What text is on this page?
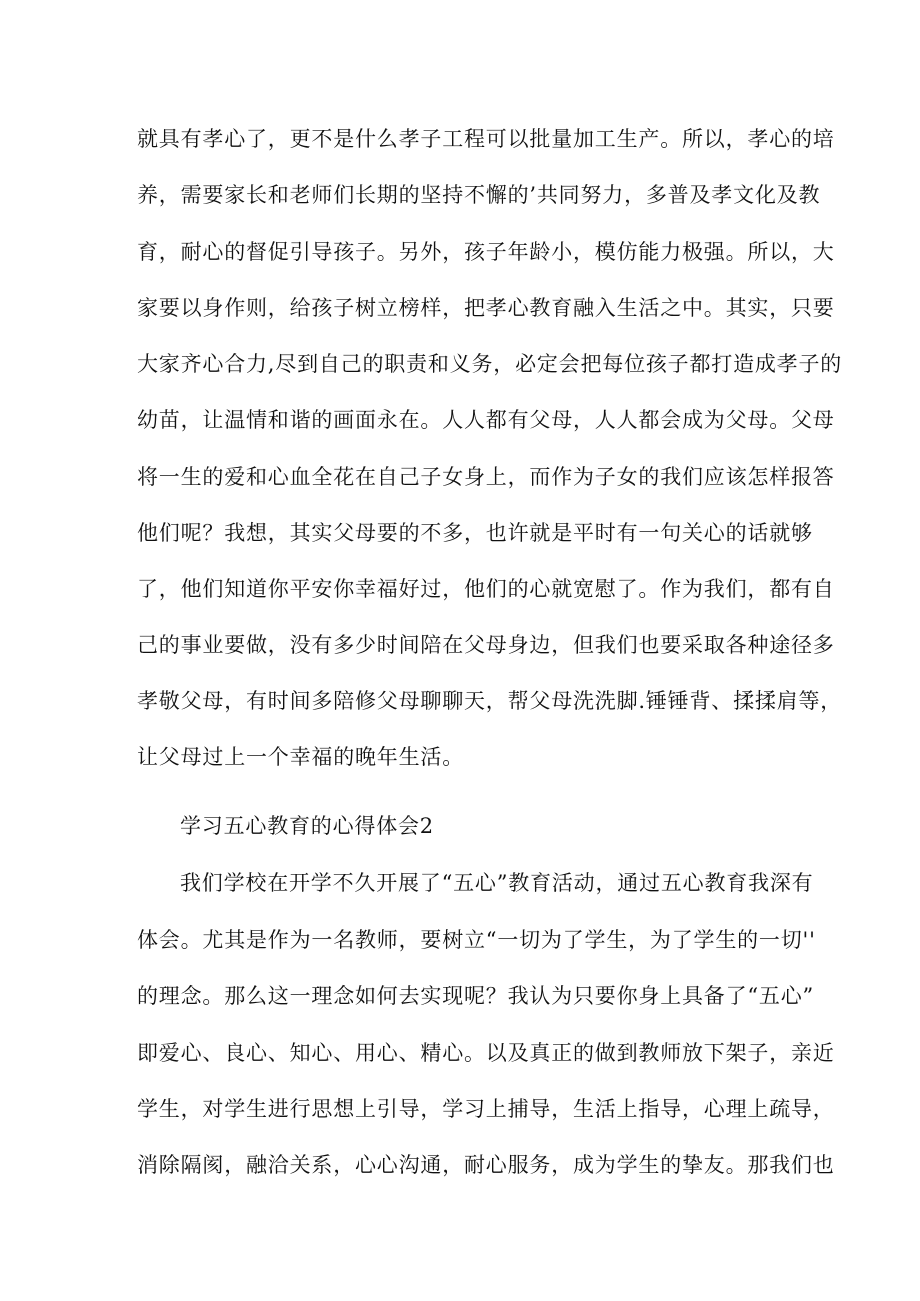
就具有孝心了，更不是什么孝子工程可以批量加工生产。所以，孝心的培
养，需要家长和老师们长期的坚持不懈的’共同努力，多普及孝文化及教
育，耐心的督促引导孩子。另外，孩子年龄小，模仿能力极强。所以，大
家要以身作则，给孩子树立榜样，把孝心教育融入生活之中。其实，只要
大家齐心合力,尽到自己的职责和义务，必定会把每位孩子都打造成孝子的
幼苗，让温情和谐的画面永在。人人都有父母，人人都会成为父母。父母
将一生的爱和心血全花在自己子女身上，而作为子女的我们应该怎样报答
他们呢？我想，其实父母要的不多，也许就是平时有一句关心的话就够
了，他们知道你平安你幸福好过，他们的心就宽慰了。作为我们，都有自
己的事业要做，没有多少时间陪在父母身边，但我们也要采取各种途径多
孝敬父母，有时间多陪修父母聊聊天，帮父母洗洗脚.锤锤背、揉揉肩等，
让父母过上一个幸福的晚年生活。
学习五心教育的心得体会2
我们学校在开学不久开展了“五心”教育活动，通过五心教育我深有
体会。尤其是作为一名教师，要树立“一切为了学生，为了学生的一切''
的理念。那么这一理念如何去实现呢？我认为只要你身上具备了“五心”
即爱心、良心、知心、用心、精心。以及真正的做到教师放下架子，亲近
学生，对学生进行思想上引导，学习上捕导，生活上指导，心理上疏导，
消除隔阂，融洽关系，心心沟通，耐心服务，成为学生的挚友。那我们也
